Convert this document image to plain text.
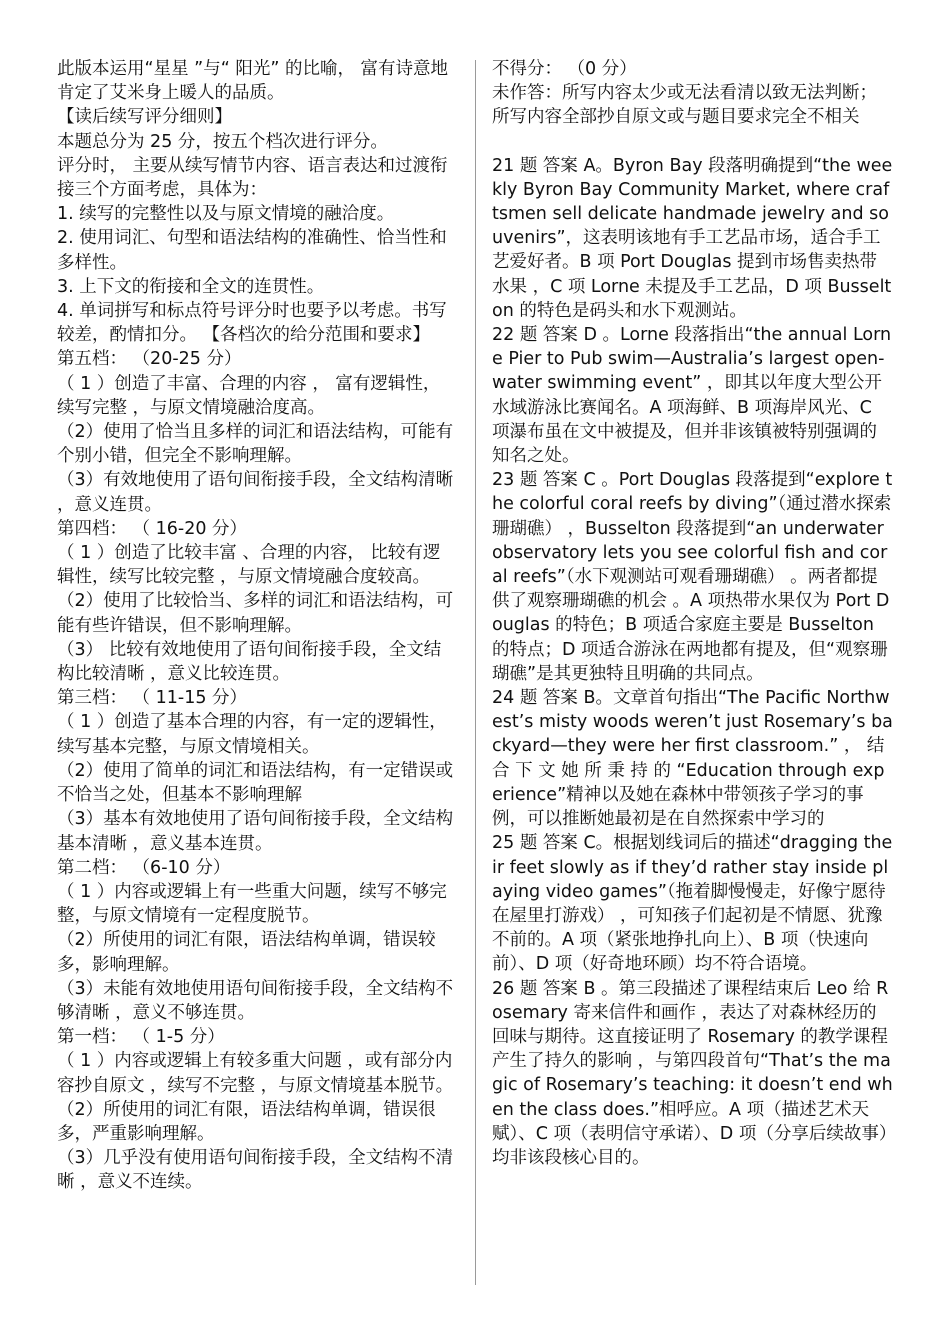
此版本运用“星星 ”与“ 阳光” 的比喻， 富有诗意地肯定了艾米身上暖人的品质。

【读后续写评分细则】

本题总分为 25 分，按五个档次进行评分。

评分时， 主要从续写情节内容、语言表达和过渡衔接三个方面考虑，具体为：

1. 续写的完整性以及与原文情境的融洽度。

2. 使用词汇、句型和语法结构的准确性、恰当性和多样性。

3. 上下文的衔接和全文的连贯性。

4. 单词拼写和标点符号评分时也要予以考虑。书写较差，酌情扣分。 【各档次的给分范围和要求】

第五档： （20-25 分）

（ 1 ）创造了丰富、合理的内容 ， 富有逻辑性，续写完整 ，与原文情境融洽度高。

（2）使用了恰当且多样的词汇和语法结构，可能有个别小错，但完全不影响理解。

（3）有效地使用了语句间衔接手段，全文结构清晰 ，意义连贯。

第四档： （ 16-20 分）

（ 1 ）创造了比较丰富 、合理的内容， 比较有逻辑性，续写比较完整 ，与原文情境融合度较高。

（2）使用了比较恰当、多样的词汇和语法结构，可能有些许错误，但不影响理解。

（3） 比较有效地使用了语句间衔接手段，全文结构比较清晰 ，意义比较连贯。

第三档： （ 11-15 分）

（ 1 ）创造了基本合理的内容，有一定的逻辑性，续写基本完整，与原文情境相关。

（2）使用了简单的词汇和语法结构，有一定错误或不恰当之处，但基本不影响理解

（3）基本有效地使用了语句间衔接手段，全文结构基本清晰 ，意义基本连贯。

第二档： （6-10 分）

（ 1 ）内容或逻辑上有一些重大问题，续写不够完整，与原文情境有一定程度脱节。

（2）所使用的词汇有限，语法结构单调，错误较多，影响理解。

（3）未能有效地使用语句间衔接手段，全文结构不够清晰 ，意义不够连贯。

第一档： （ 1-5 分）

（ 1 ）内容或逻辑上有较多重大问题 ，或有部分内容抄自原文 ，续写不完整 ，与原文情境基本脱节。

（2）所使用的词汇有限，语法结构单调，错误很多，严重影响理解。

（3）几乎没有使用语句间衔接手段，全文结构不清晰 ，意义不连续。

不得分： （0 分）

未作答：所写内容太少或无法看清以致无法判断；所写内容全部抄自原文或与题目要求完全不相关

21 题 答案 A。Byron Bay 段落明确提到“the weekly Byron Bay Community Market, where craftsmen sell delicate handmade jewelry and souvenirs”，这表明该地有手工艺品市场，适合手工艺爱好者。B 项 Port Douglas 提到市场售卖热带水果 ，C 项 Lorne 未提及手工艺品，D 项 Busselton 的特色是码头和水下观测站。

22 题 答案 D 。Lorne 段落指出“the annual Lorne Pier to Pub swim—Australia’s largest open-water swimming event” ，即其以年度大型公开水域游泳比赛闻名。A 项海鲜、B 项海岸风光、C 项瀑布虽在文中被提及，但并非该镇被特别强调的知名之处。

23 题 答案 C 。Port Douglas 段落提到“explore the colorful coral reefs by diving”（通过潜水探索珊瑚礁） ，Busselton 段落提到“an underwater observatory lets you see colorful fish and coral reefs”（水下观测站可观看珊瑚礁） 。两者都提供了观察珊瑚礁的机会 。A 项热带水果仅为 Port Douglas 的特色；B 项适合家庭主要是 Busselton 的特点；D 项适合游泳在两地都有提及，但“观察珊瑚礁”是其更独特且明确的共同点。

24 题 答案 B。文章首句指出“The Pacific Northwest’s misty woods weren’t just Rosemary’s backyard—they were her first classroom.” ， 结 合 下 文 她 所 秉 持 的 “Education through experience”精神以及她在森林中带领孩子学习的事例，可以推断她最初是在自然探索中学习的

25 题 答案 C。根据划线词后的描述“dragging their feet slowly as if they’d rather stay inside playing video games”（拖着脚慢慢走，好像宁愿待在屋里打游戏） ，可知孩子们起初是不情愿、犹豫不前的。A 项（紧张地挣扎向上）、B 项（快速向前）、D 项（好奇地环顾）均不符合语境。

26 题 答案 B 。第三段描述了课程结束后 Leo 给 Rosemary 寄来信件和画作 ，表达了对森林经历的回味与期待。这直接证明了 Rosemary 的教学课程产生了持久的影响 ，与第四段首句“That’s the magic of Rosemary’s teaching: it doesn’t end when the class does.”相呼应。A 项（描述艺术天赋）、C 项（表明信守承诺）、D 项（分享后续故事）均非该段核心目的。
